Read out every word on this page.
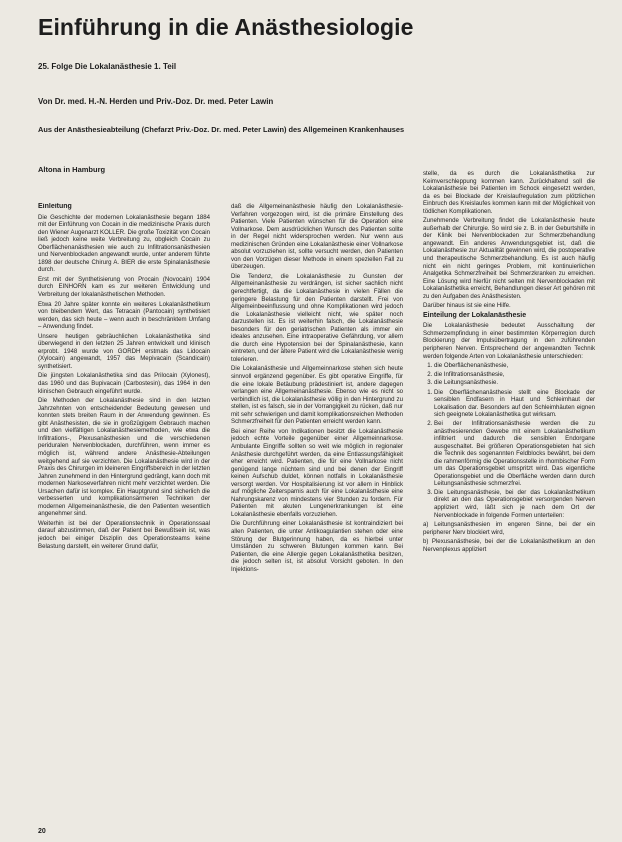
Einführung in die Anästhesiologie
25. Folge Die Lokalanästhesie 1. Teil
Von Dr. med. H.-N. Herden und Priv.-Doz. Dr. med. Peter Lawin
Aus der Anästhesieabteilung (Chefarzt Priv.-Doz. Dr. med. Peter Lawin) des Allgemeinen Krankenhauses
Altona in Hamburg
Einleitung

Die Geschichte der modernen Lokalanästhesie begann 1884 mit der Einführung von Cocain in die medizinische Praxis durch den Wiener Augenarzt KOLLER. Die große Toxizität von Cocain ließ jedoch keine weite Verbreitung zu, obgleich Cocain zu Oberflächenanästhesien wie auch zu Infiltrationsanästhesien und Nervenblockaden angewandt wurde, unter anderem führte 1898 der deutsche Chirurg A. BIER die erste Spinalanästhesie durch.

Erst mit der Synthetisierung von Procain (Novocain) 1904 durch EINHORN kam es zur weiteren Entwicklung und Verbreitung der lokalanästhetischen Methoden.

Etwa 20 Jahre später konnte ein weiteres Lokalanästhetikum von bleibendem Wert, das Tetracain (Pantocain) synthetisiert werden, das sich heute – wenn auch in beschränktem Umfang – Anwendung findet.

Unsere heutigen gebräuchlichen Lokalanästhetika sind überwiegend in den letzten 25 Jahren entwickelt und klinisch erprobt. 1948 wurde von GORDH erstmals das Lidocain (Xylocain) angewandt, 1957 das Mepivacain (Scandicain) synthetisiert.

Die jüngsten Lokalanästhetika sind das Prilocain (Xylonest), das 1960 und das Bupivacain (Carbostesin), das 1964 in den klinischen Gebrauch eingeführt wurde.

Die Methoden der Lokalanästhesie sind in den letzten Jahrzehnten von entscheidender Bedeutung gewesen und konnten stets breiten Raum in der Anwendung gewinnen. Es gibt Anästhesisten, die sie in großzügigem Gebrauch machen und den vielfältigen Lokalanästhesiemethoden, wie etwa die Infiltrations-, Plexusanästhesien und die verschiedenen periduralen Nervenblockaden, durchführen, wenn immer es möglich ist, während andere Anästhesie-Abteilungen weitgehend auf sie verzichten. Die Lokalanästhesie wird in der Praxis des Chirurgen im kleineren Eingriffsbereich in der letzten Jahren zunehmend in den Hintergrund gedrängt, kann doch mit modernen Narkoseverfahren nicht mehr verzichtet werden. Die Ursachen dafür ist komplex. Ein Hauptgrund sind sicherlich die verbesserten und komplikationsärmeren Techniken der modernen Allgemeinanästhesie, die den Patienten wesentlich angenehmer sind.

Weiterhin ist bei der Operationstechnik in Operationssaal darauf abzustimmen, daß der Patient bei Bewußtsein ist, was jedoch bei einiger Disziplin des Operationsteams keine Belastung darstellt, ein weiterer Grund dafür,

daß die Allgemeinanästhesie häufig den Lokalanästhesie-Verfahren vorgezogen wird, ist die primäre Einstellung des Patienten. Viele Patienten wünschen für die Operation eine Vollnarkose. Dem ausdrücklichen Wunsch des Patienten sollte in der Regel nicht widersprochen werden. Nur wenn aus medizinischen Gründen eine Lokalanästhesie einer Vollnarkose absolut vorzuziehen ist, sollte versucht werden, den Patienten von den Vorzügen dieser Methode in einem speziellen Fall zu überzeugen.

Die Tendenz, die Lokalanästhesie zu Gunsten der Allgemeinanästhesie zu verdrängen, ist sicher sachlich nicht gerechtfertigt, da die Lokalanästhesie in vielen Fällen die geringere Belastung für den Patienten darstellt. Frei von Allgemeinbeeinflussung und ohne Komplikationen wird jedoch die Lokalanästhesie vielleicht nicht, wie später noch darzustellen ist. Es ist weiterhin falsch, die Lokalanästhesie besonders für den geriatrischen Patienten als immer ein ideales anzusehen. Eine intraoperative Gefährdung, vor allem die durch eine Hypotension bei der Spinalanästhesie, kann eintreten, und der ältere Patient wird die Lokalanästhesie wenig tolerieren.

Die Lokalanästhesie und Allgemeinnarkose stehen sich heute sinnvoll ergänzend gegenüber. Es gibt operative Eingriffe, für die eine lokale Betäubung prädestiniert ist, andere dagegen verlangen eine Allgemeinanästhesie. Ebenso wie es nicht so verbindlich ist, die Lokalanästhesie völlig in den Hintergrund zu stellen, ist es falsch, sie in der Vorrangigkeit zu rücken, daß nur mit sehr schwierigen und damit komplikationsreichen Methoden Schmerzfreiheit für den Patienten erreicht werden kann.

Bei einer Reihe von Indikationen besitzt die Lokalanästhesie jedoch echte Vorteile gegenüber einer Allgemeinnarkose. Ambulante Eingriffe sollten so weit wie möglich in regionaler Anästhesie durchgeführt werden, da eine Entlassungsfähigkeit eher erreicht wird. Patienten, die für eine Vollnarkose nicht genügend lange nüchtern sind und bei denen der Eingriff keinen Aufschub duldet, können notfalls in Lokalanästhesie versorgt werden. Vor Hospitalisierung ist vor allem in Hinblick auf mögliche Zeitersparnis auch für eine Lokalanästhesie eine Nahrungskarenz von mindestens vier Stunden zu fordern. Für Patienten mit akuten Lungenerkrankungen ist eine Lokalanästhesie ebenfalls vorzuziehen.

Die Durchführung einer Lokalanästhesie ist kontraindiziert bei allen Patienten, die unter Antikoagulantien stehen oder eine Störung der Blutgerinnung haben, da es hierbei unter Umständen zu schweren Blutungen kommen kann. Bei Patienten, die eine Allergie gegen Lokalanästhetika besitzen, die jedoch selten ist, ist absolut Vorsicht geboten. In den Injektions-

stelle, da es durch die Lokalanästhetika zur Keimverschleppung kommen kann. Zurückhaltend soll die Lokalanästhesie bei Patienten im Schock eingesetzt werden, da es bei Blockade der Kreislaufregulation zum plötzlichen Einbruch des Kreislaufes kommen kann mit der Möglichkeit von tödlichen Komplikationen.

Zunehmende Verbreitung findet die Lokalanästhesie heute außerhalb der Chirurgie. So wird sie z. B. in der Geburtshilfe in der Klinik bei Nervenblockaden zur Schmerzbehandlung angewandt. Ein anderes Anwendungsgebiet ist, daß die Lokalanästhesie zur Aktualität gewinnen wird, die postoperative und therapeutische Schmerzbehandlung. Es ist auch häufig nicht ein nicht geringes Problem, mit kontinuierlichen Analgetika Schmerzfreiheit bei Schmerzkranken zu erreichen. Eine Lösung wird hierfür nicht selten mit Nervenblockaden mit Lokalanästhetika erreicht, Behandlungen dieser Art gehören mit zu den Aufgaben des Anästhesisten.

Darüber hinaus ist sie eine Hilfe.

Einteilung der Lokalanästhesie

Die Lokalanästhesie bedeutet Ausschaltung der Schmerzempfindung in einer bestimmten Körperregion durch Blockierung der Impulsübertragung in den zuführenden peripheren Nerven. Entsprechend der angewandten Technik werden folgende Arten von Lokalanästhesie unterschieden:

1. die Oberflächenanästhesie,
2. die Infiltrationsanästhesie,
3. die Leitungsanästhesie.
1. Die Oberflächenanästhesie stellt eine Blockade der sensiblen Endfasern in Haut und Schleimhaut der Lokalisation dar. Besonders auf den Schleimhäuten eignen sich geeignete Lokalanästhetika gut wirksam.
2. Bei der Infiltrationsanästhesie werden die zu anästhesierenden Gewebe mit einem Lokalanästhetikum infiltriert und dadurch die sensiblen Endorgane ausgeschaltet. Bei größeren Operationsgebieten hat sich die Technik des sogenannten Feldblocks bewährt, bei dem die rahmenförmig die Operationsstelle in rhombischer Form um das Operationsgebiet umspritzt wird. Das eigentliche Operationsgebiet und die Oberfläche werden dann durch Leitungsanästhesie schmerzfrei.
3. Die Leitungsanästhesie, bei der das Lokalanästhetikum direkt an den das Operationsgebiet versorgenden Nerven appliziert wird, läßt sich je nach dem Ort der Nervenblockade in folgende Formen unterteilen:

a) Leitungsanästhesien im engeren Sinne, bei der ein peripherer Nerv blockiert wird,

b) Plexusanästhesie, bei der die Lokalanästhetikum an den Nervenplexus appliziert

20
